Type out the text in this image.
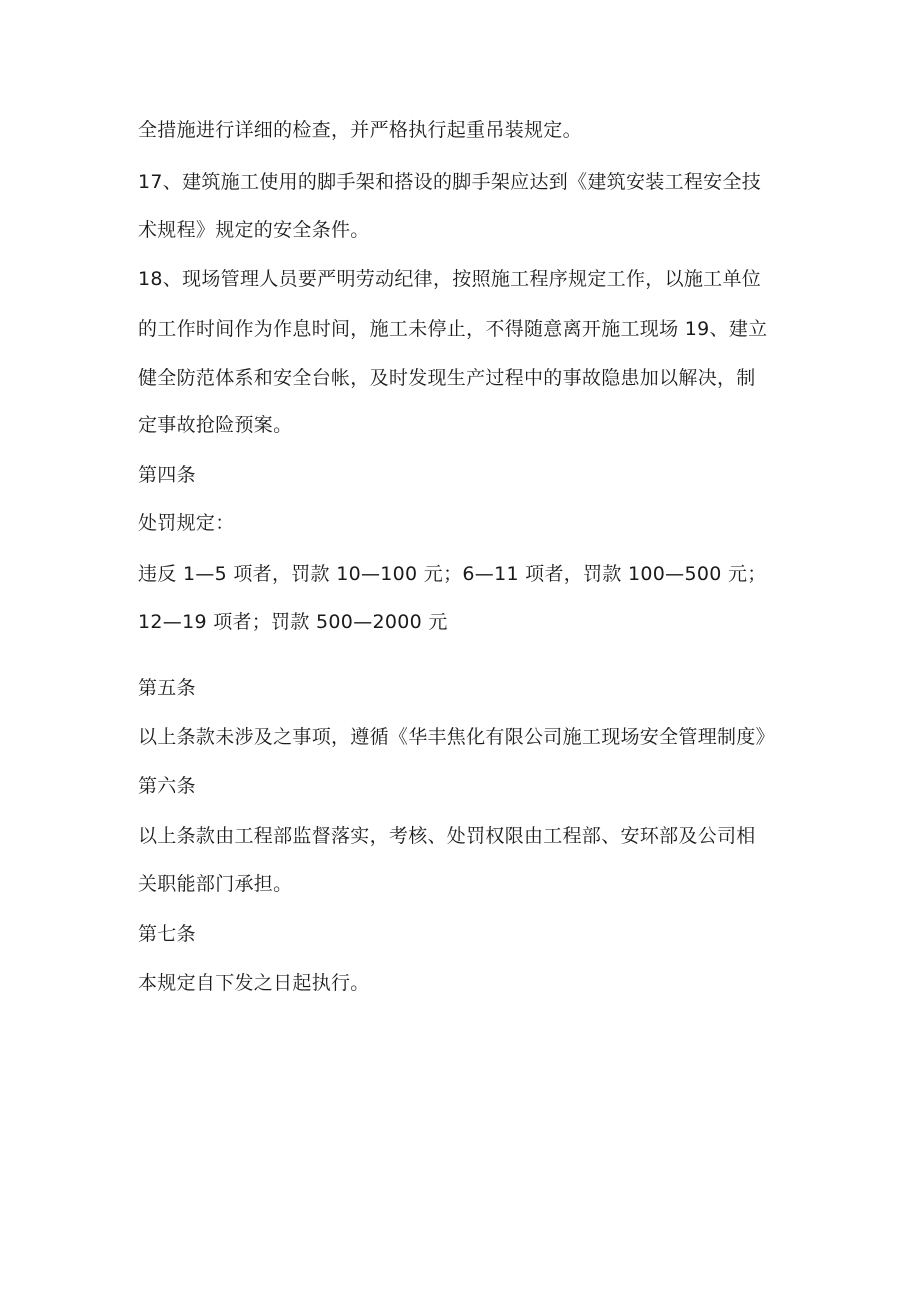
全措施进行详细的检查，并严格执行起重吊装规定。

17、建筑施工使用的脚手架和搭设的脚手架应达到《建筑安装工程安全技

术规程》规定的安全条件。

18、现场管理人员要严明劳动纪律，按照施工程序规定工作，以施工单位

的工作时间作为作息时间，施工未停止，不得随意离开施工现场 19、建立

健全防范体系和安全台帐，及时发现生产过程中的事故隐患加以解决，制

定事故抢险预案。

第四条

处罚规定：

违反 1—5 项者，罚款 10—100 元；6—11 项者，罚款 100—500 元；

12—19 项者；罚款 500—2000 元

第五条

以上条款未涉及之事项，遵循《华丰焦化有限公司施工现场安全管理制度》

第六条

以上条款由工程部监督落实，考核、处罚权限由工程部、安环部及公司相

关职能部门承担。

第七条

本规定自下发之日起执行。
